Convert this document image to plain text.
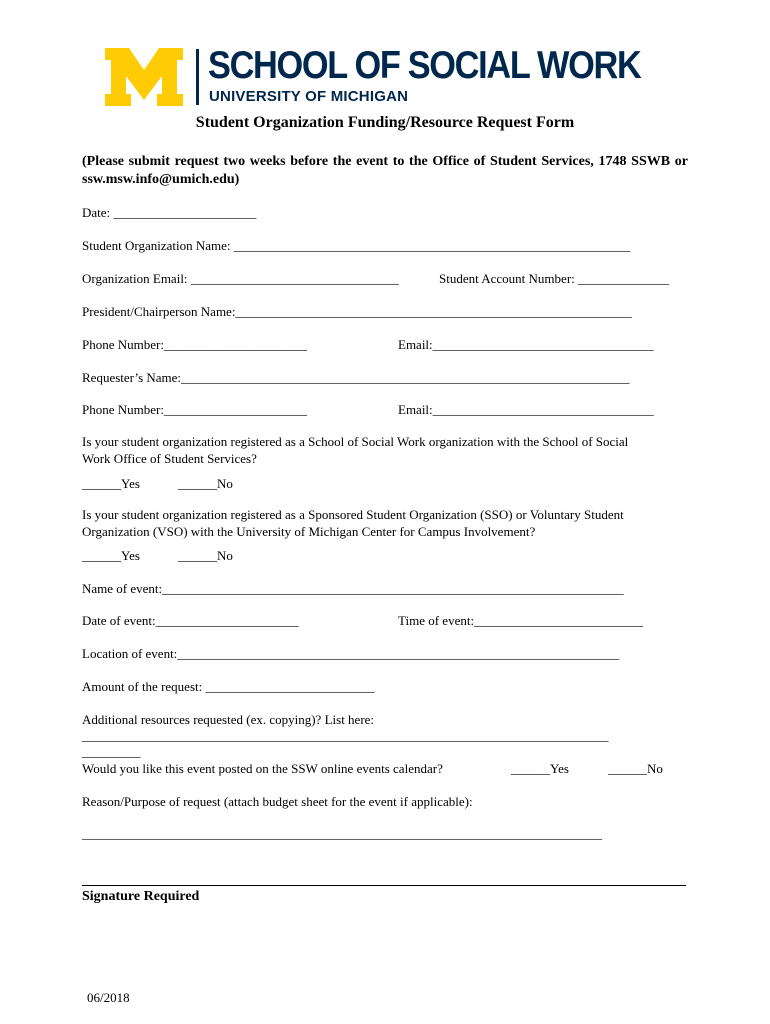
SCHOOL OF SOCIAL WORK
UNIVERSITY OF MICHIGAN
Student Organization Funding/Resource Request Form
(Please submit request two weeks before the event to the Office of Student Services, 1748 SSWB or ssw.msw.info@umich.edu)
Date: ______________________
Student Organization Name: _____________________________________________________________
Organization Email: ________________________________	Student Account Number: ______________
President/Chairperson Name:_____________________________________________________________
Phone Number:______________________	Email:__________________________________
Requester’s Name:_____________________________________________________________________
Phone Number:______________________	Email:__________________________________
Is your student organization registered as a School of Social Work organization with the School of Social
Work Office of Student Services?
______Yes	______No
Is your student organization registered as a Sponsored Student Organization (SSO) or Voluntary Student
Organization (VSO) with the University of Michigan Center for Campus Involvement?
______Yes	______No
Name of event:_______________________________________________________________________
Date of event:______________________	Time of event:__________________________
Location of event:____________________________________________________________________
Amount of the request: __________________________
Additional resources requested (ex. copying)? List here:
_________________________________________________________________________________
_________
Would you like this event posted on the SSW online events calendar?	______Yes	______No
Reason/Purpose of request (attach budget sheet for the event if applicable):
________________________________________________________________________________
Signature Required
06/2018
